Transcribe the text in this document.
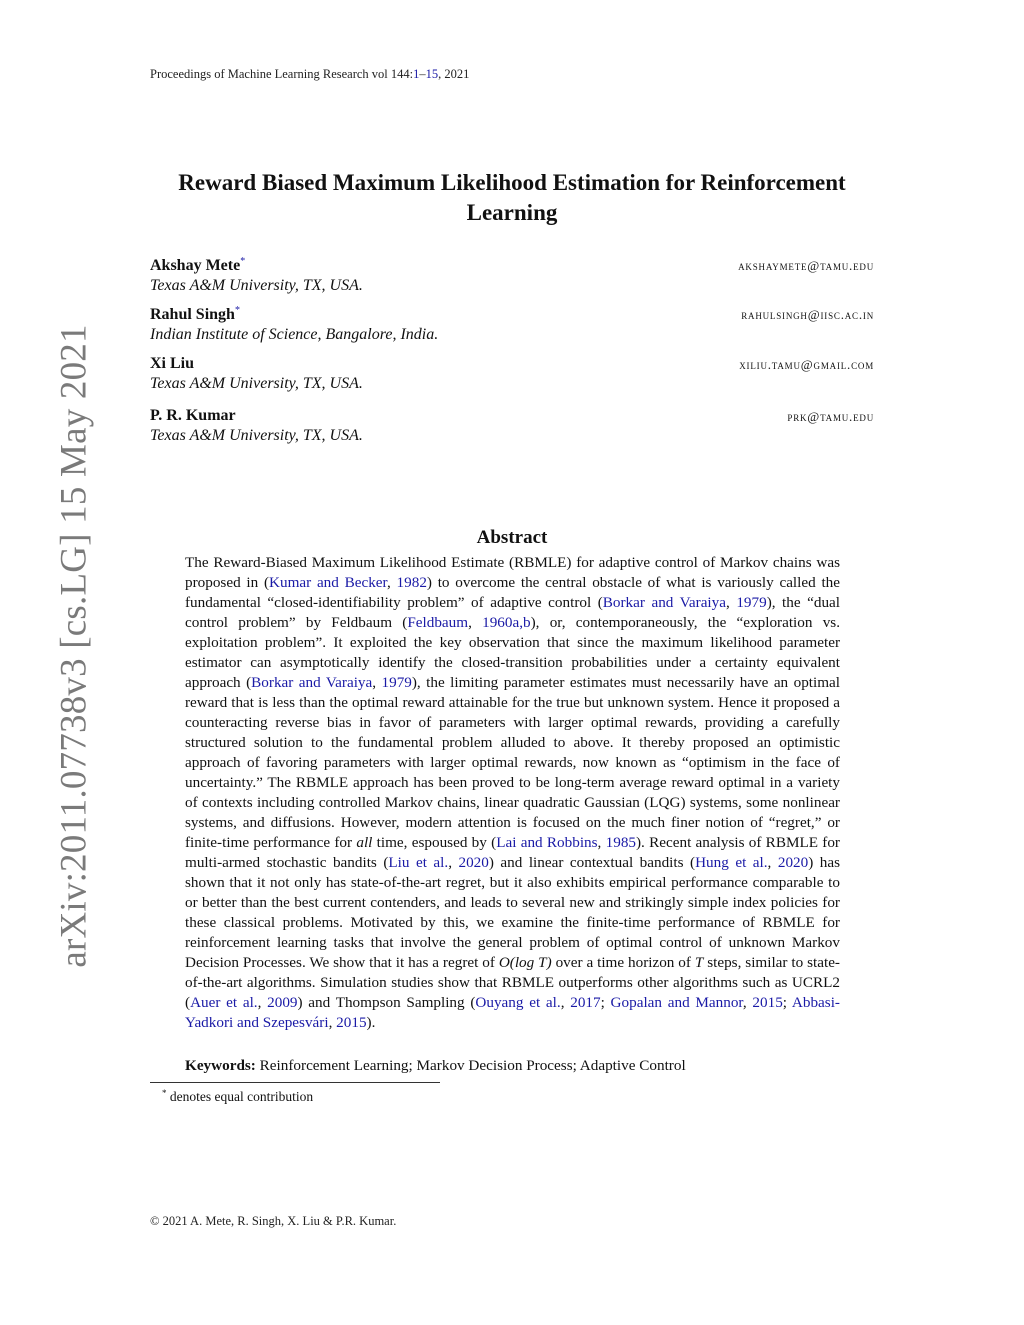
Proceedings of Machine Learning Research vol 144:1–15, 2021
Reward Biased Maximum Likelihood Estimation for Reinforcement
Learning
Akshay Mete*	akshaymete@tamu.edu
Texas A&M University, TX, USA.
Rahul Singh*	rahulsingh@iisc.ac.in
Indian Institute of Science, Bangalore, India.
Xi Liu	xiliu.tamu@gmail.com
Texas A&M University, TX, USA.
P. R. Kumar	prk@tamu.edu
Texas A&M University, TX, USA.
arXiv:2011.07738v3 [cs.LG] 15 May 2021	Abstract
The Reward-Biased Maximum Likelihood Estimate (RBMLE) for adaptive control of Markov chains was proposed in (Kumar and Becker, 1982) to overcome the central obstacle of what is variously called the fundamental “closed-identifiability problem” of adaptive control (Borkar and Varaiya, 1979), the “dual control problem” by Feldbaum (Feldbaum, 1960a,b), or, contemporaneously, the “exploration vs. exploitation problem”. It exploited the key observation that since the maximum likelihood parameter estimator can asymptotically identify the closed-transition probabilities under a certainty equivalent approach (Borkar and Varaiya, 1979), the limiting parameter estimates must necessarily have an optimal reward that is less than the optimal reward attainable for the true but unknown system. Hence it proposed a counteracting reverse bias in favor of parameters with larger optimal rewards, providing a carefully structured solution to the fundamental problem alluded to above. It thereby proposed an optimistic approach of favoring parameters with larger optimal rewards, now known as “optimism in the face of uncertainty.” The RBMLE approach has been proved to be long-term average reward optimal in a variety of contexts including controlled Markov chains, linear quadratic Gaussian (LQG) systems, some nonlinear systems, and diffusions. However, modern attention is focused on the much finer notion of “regret,” or finite-time performance for all time, espoused by (Lai and Robbins, 1985). Recent analysis of RBMLE for multi-armed stochastic bandits (Liu et al., 2020) and linear contextual bandits (Hung et al., 2020) has shown that it not only has state-of-the-art regret, but it also exhibits empirical performance comparable to or better than the best current contenders, and leads to several new and strikingly simple index policies for these classical problems. Motivated by this, we examine the finite-time performance of RBMLE for reinforcement learning tasks that involve the general problem of optimal control of unknown Markov Decision Processes. We show that it has a regret of O(log T) over a time horizon of T steps, similar to state-of-the-art algorithms. Simulation studies show that RBMLE outperforms other algorithms such as UCRL2 (Auer et al., 2009) and Thompson Sampling (Ouyang et al., 2017; Gopalan and Mannor, 2015; Abbasi-Yadkori and Szepesvári, 2015).
Keywords: Reinforcement Learning; Markov Decision Process; Adaptive Control
* denotes equal contribution
© 2021 A. Mete, R. Singh, X. Liu & P.R. Kumar.
